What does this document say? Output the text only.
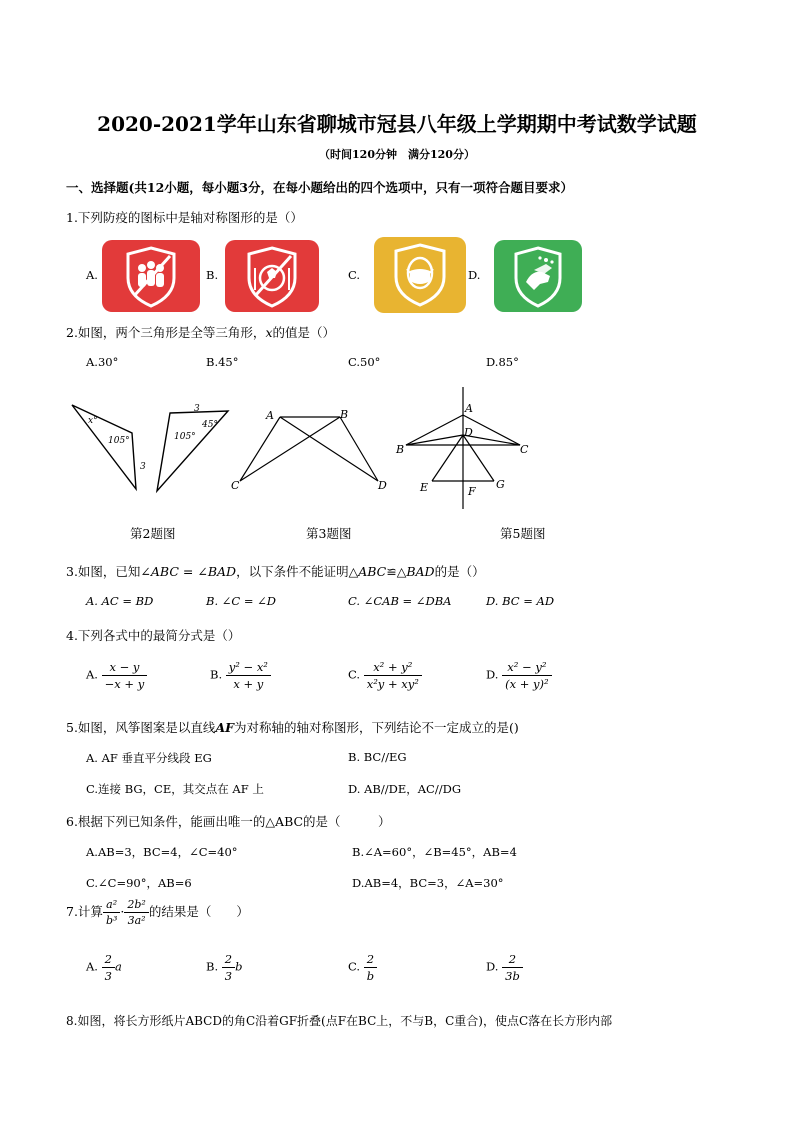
2020-2021学年山东省聊城市冠县八年级上学期期中考试数学试题
（时间120分钟　满分120分）
一、选择题(共12小题，每小题3分，在每小题给出的四个选项中，只有一项符合题目要求）
1.下列防疫的图标中是轴对称图形的是（）
A.	B.	C.	D.
2.如图，两个三角形是全等三角形，x的值是（）
A.30°	B.45°	C.50°	D.85°
x°
105°
3
3
45°
105°
A	B
C	D
A
B	C
D
E	F
G
第2题图	第3题图	第5题图
3.如图，已知∠ABC = ∠BAD，以下条件不能证明△ABC≌△BAD的是（）
A. AC = BD	B. ∠C = ∠D	C. ∠CAB = ∠DBA	D. BC = AD
4.下列各式中的最简分式是（）
A. $\frac{x - y}{-x + y}$	B. $\frac{\text{y² − x²}}{x + y}$	C. $\frac{\text{x² + y²}}{\text{x²y + xy²}}$	D. $\frac{\text{x² − y²}}{\text{(x + y)²}}$
5.如图，风筝图案是以直线AF为对称轴的轴对称图形，下列结论不一定成立的是()
A. AF 垂直平分线段 EG	B. BC//EG
C.连接 BG，CE，其交点在 AF 上	D. AB//DE，AC//DG
6.根据下列已知条件，能画出唯一的△ABC的是（　　　）
A.AB=3，BC=4，∠C=40°	B.∠A=60°，∠B=45°，AB=4
C.∠C=90°，AB=6	D.AB=4，BC=3，∠A=30°
7.计算 $\frac{\text{a²}}{\text{b³}} \cdot \frac{\text{2b²}}{\text{3a²}}$ 的结果是（　　）
A. $\frac{2}{3}$ a	B. $\frac{2}{3}$ b	C. $\frac{2}{b}$	D. $\frac{2}{3b}$
8.如图，将长方形纸片ABCD的角C沿着GF折叠(点F在BC上，不与B，C重合)，使点C落在长方形内部
